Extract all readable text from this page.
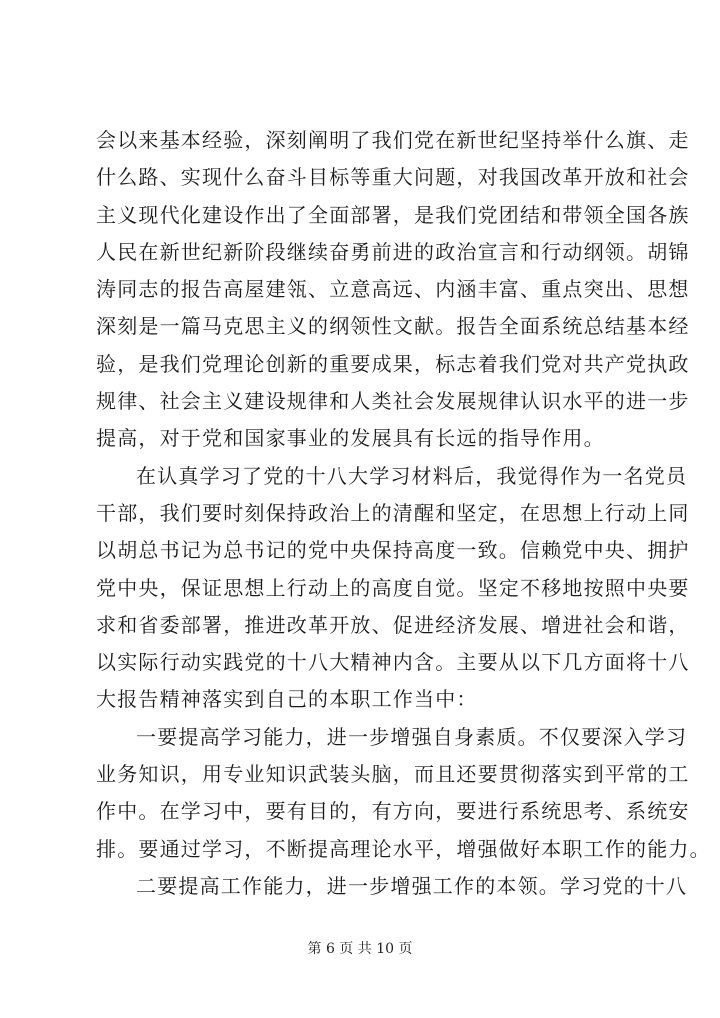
会以来基本经验，深刻阐明了我们党在新世纪坚持举什么旗、走
什么路、实现什么奋斗目标等重大问题，对我国改革开放和社会
主义现代化建设作出了全面部署，是我们党团结和带领全国各族
人民在新世纪新阶段继续奋勇前进的政治宣言和行动纲领。胡锦
涛同志的报告高屋建瓴、立意高远、内涵丰富、重点突出、思想
深刻是一篇马克思主义的纲领性文献。报告全面系统总结基本经
验，是我们党理论创新的重要成果，标志着我们党对共产党执政
规律、社会主义建设规律和人类社会发展规律认识水平的进一步
提高，对于党和国家事业的发展具有长远的指导作用。
在认真学习了党的十八大学习材料后，我觉得作为一名党员
干部，我们要时刻保持政治上的清醒和坚定，在思想上行动上同
以胡总书记为总书记的党中央保持高度一致。信赖党中央、拥护
党中央，保证思想上行动上的高度自觉。坚定不移地按照中央要
求和省委部署，推进改革开放、促进经济发展、增进社会和谐，
以实际行动实践党的十八大精神内含。主要从以下几方面将十八
大报告精神落实到自己的本职工作当中：
一要提高学习能力，进一步增强自身素质。不仅要深入学习
业务知识，用专业知识武装头脑，而且还要贯彻落实到平常的工
作中。在学习中，要有目的，有方向，要进行系统思考、系统安
排。要通过学习，不断提高理论水平，增强做好本职工作的能力。
二要提高工作能力，进一步增强工作的本领。学习党的十八
第 6 页 共 10 页
